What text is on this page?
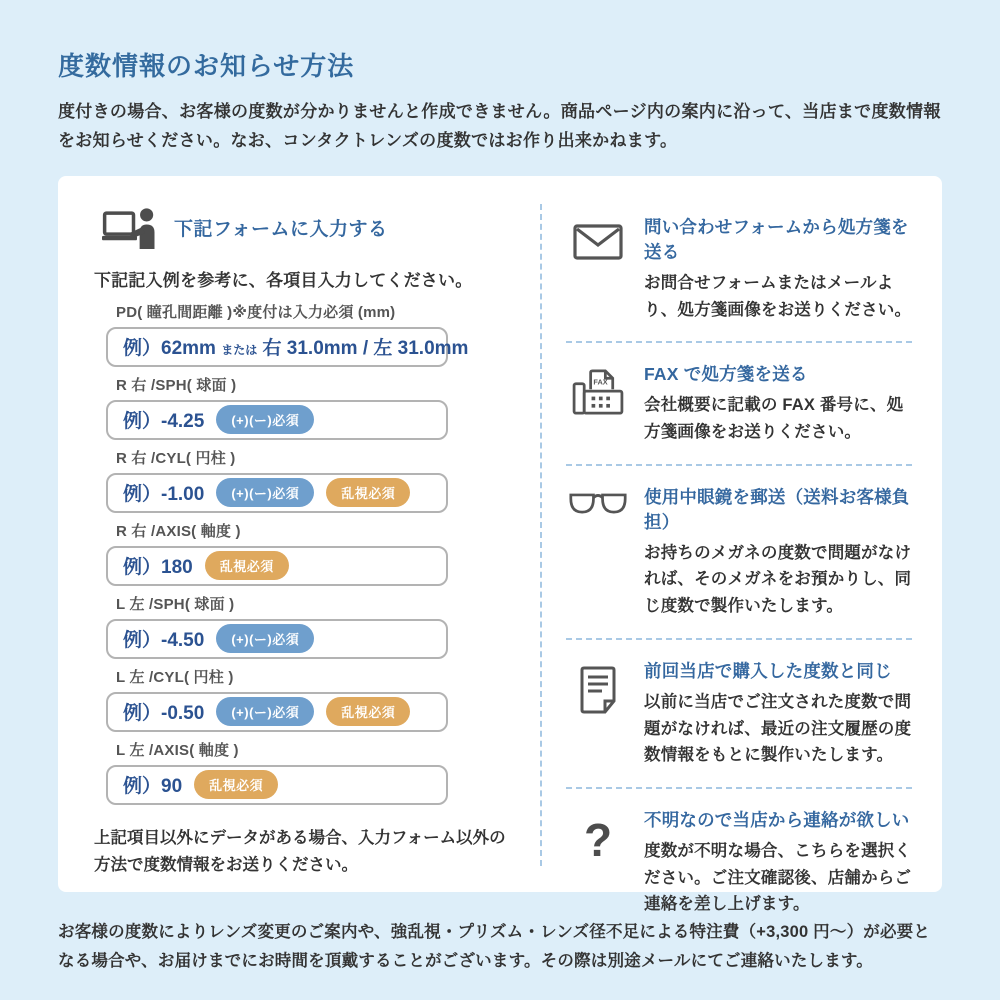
度数情報のお知らせ方法

度付きの場合、お客様の度数が分かりませんと作成できません。商品ページ内の案内に沿って、当店まで度数情報をお知らせください。なお、コンタクトレンズの度数ではお作り出来かねます。

下記フォームに入力する

下記記入例を参考に、各項目入力してください。

PD( 瞳孔間距離 )※度付は入力必須 (mm)
例）62mm または 右 31.0mm / 左 31.0mm
R 右 /SPH( 球面 )
例）-4.25	(+)(ー)必須
R 右 /CYL( 円柱 )
例）-1.00	(+)(ー)必須	乱視必須
R 右 /AXIS( 軸度 )
例）180	乱視必須
L 左 /SPH( 球面 )
例）-4.50	(+)(ー)必須
L 左 /CYL( 円柱 )
例）-0.50	(+)(ー)必須	乱視必須
L 左 /AXIS( 軸度 )
例）90	乱視必須

上記項目以外にデータがある場合、入力フォーム以外の方法で度数情報をお送りください。

問い合わせフォームから処方箋を送る
お問合せフォームまたはメールより、処方箋画像をお送りください。
FAX FAX で処方箋を送る
会社概要に記載の FAX 番号に、処方箋画像をお送りください。
使用中眼鏡を郵送（送料お客様負担）
お持ちのメガネの度数で問題がなければ、そのメガネをお預かりし、同じ度数で製作いたします。
前回当店で購入した度数と同じ
以前に当店でご注文された度数で問題がなければ、最近の注文履歴の度数情報をもとに製作いたします。
? 不明なので当店から連絡が欲しい
度数が不明な場合、こちらを選択ください。ご注文確認後、店舗からご連絡を差し上げます。

お客様の度数によりレンズ変更のご案内や、強乱視・プリズム・レンズ径不足による特注費（+3,300 円〜）が必要となる場合や、お届けまでにお時間を頂戴することがございます。その際は別途メールにてご連絡いたします。
